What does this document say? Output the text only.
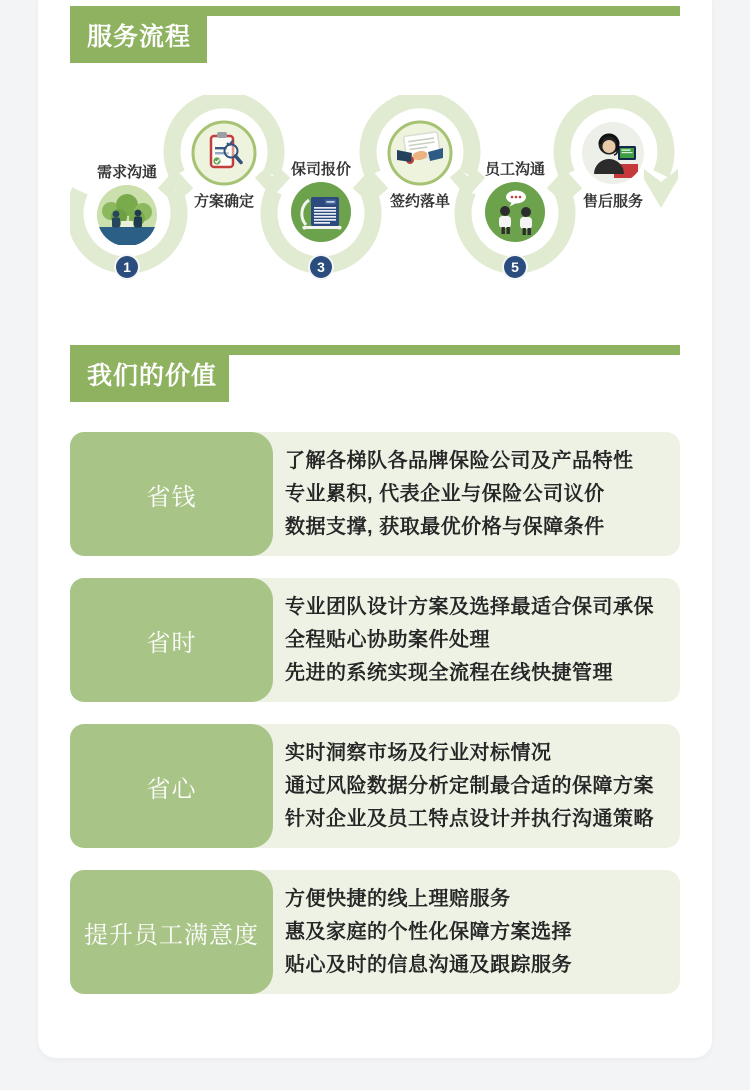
服务流程
需求沟通
1
方案确定
保司报价
3
签约落单
员工沟通
5
售后服务
我们的价值
了解各梯队各品牌保险公司及产品特性
专业累积, 代表企业与保险公司议价
数据支撑, 获取最优价格与保障条件
省钱
专业团队设计方案及选择最适合保司承保
全程贴心协助案件处理
先进的系统实现全流程在线快捷管理
省时
实时洞察市场及行业对标情况
通过风险数据分析定制最合适的保障方案
针对企业及员工特点设计并执行沟通策略
省心
方便快捷的线上理赔服务
惠及家庭的个性化保障方案选择
贴心及时的信息沟通及跟踪服务
提升员工满意度
